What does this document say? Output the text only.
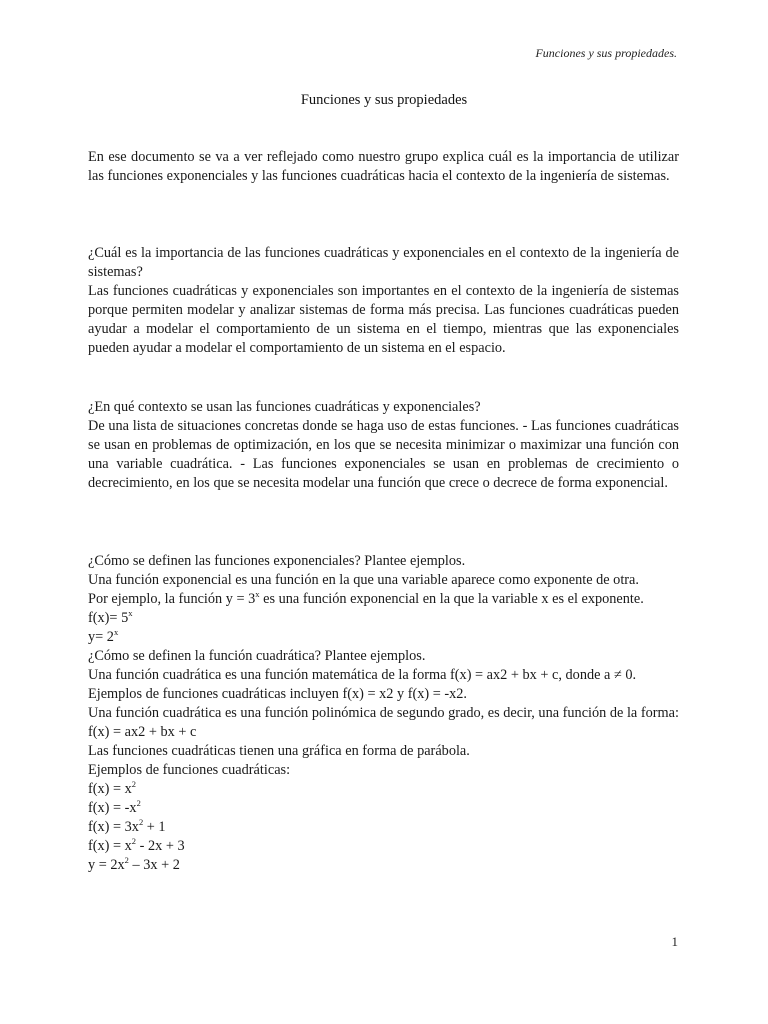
Funciones y sus propiedades.
Funciones y sus propiedades

En ese documento se va a ver reflejado como nuestro grupo explica cuál es la importancia de utilizar las funciones exponenciales y las funciones cuadráticas hacia el contexto de la ingeniería de sistemas.

¿Cuál es la importancia de las funciones cuadráticas y exponenciales en el contexto de la ingeniería de sistemas?

Las funciones cuadráticas y exponenciales son importantes en el contexto de la ingeniería de sistemas porque permiten modelar y analizar sistemas de forma más precisa. Las funciones cuadráticas pueden ayudar a modelar el comportamiento de un sistema en el tiempo, mientras que las exponenciales pueden ayudar a modelar el comportamiento de un sistema en el espacio.

¿En qué contexto se usan las funciones cuadráticas y exponenciales?

De una lista de situaciones concretas donde se haga uso de estas funciones. - Las funciones cuadráticas se usan en problemas de optimización, en los que se necesita minimizar o maximizar una función con una variable cuadrática. - Las funciones exponenciales se usan en problemas de crecimiento o decrecimiento, en los que se necesita modelar una función que crece o decrece de forma exponencial.

¿Cómo se definen las funciones exponenciales? Plantee ejemplos.
Una función exponencial es una función en la que una variable aparece como exponente de otra.
Por ejemplo, la función $y = 3^x$ es una función exponencial en la que la variable x es el exponente.
$f(x)= 5^x$
$y= 2^x$
¿Cómo se definen la función cuadrática? Plantee ejemplos.
Una función cuadrática es una función matemática de la forma f(x) = ax2 + bx + c, donde a ≠ 0.
Ejemplos de funciones cuadráticas incluyen f(x) = x2 y f(x) = -x2.
Una función cuadrática es una función polinómica de segundo grado, es decir, una función de la forma:
f(x) = ax2 + bx + c
Las funciones cuadráticas tienen una gráfica en forma de parábola.
Ejemplos de funciones cuadráticas:
$f(x) = x^2$
$f(x) = -x^2$
$f(x) = 3x^2 + 1$
$f(x) = x^2 - 2x + 3$
$y = 2x^2 - 3x + 2$
1
